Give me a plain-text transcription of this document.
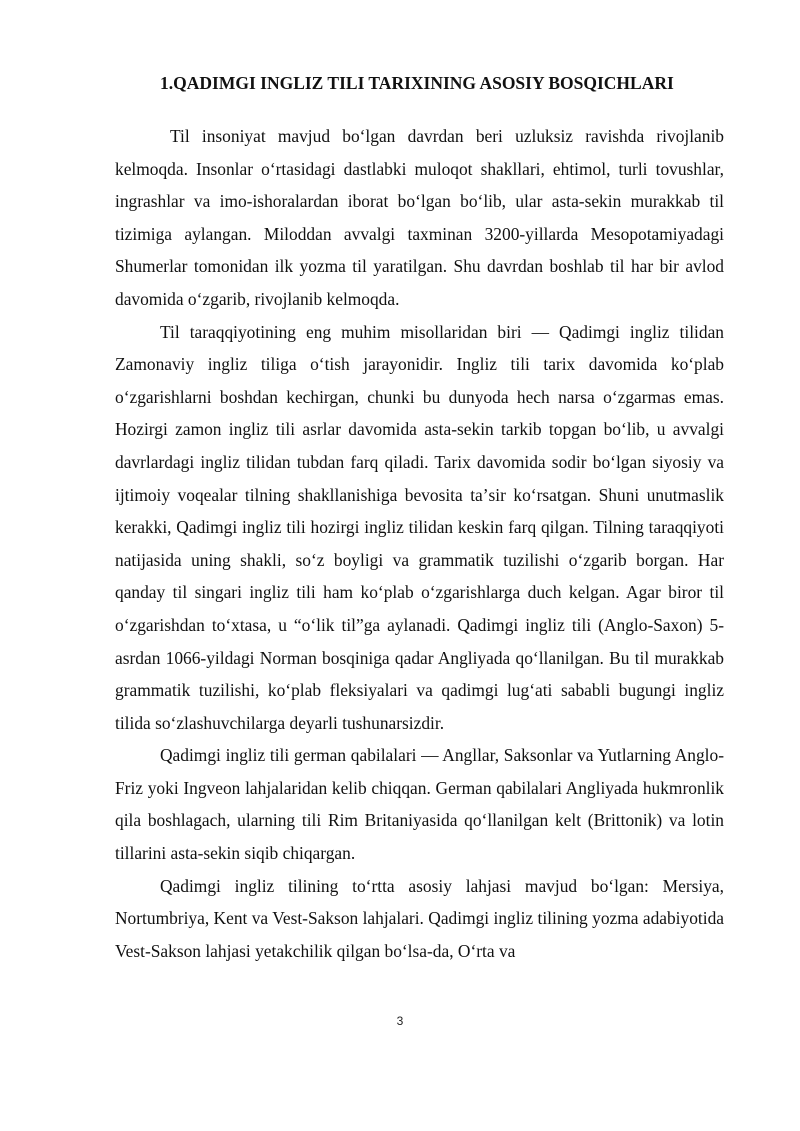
1.QADIMGI INGLIZ TILI TARIXINING ASOSIY BOSQICHLARI

Til insoniyat mavjud boʻlgan davrdan beri uzluksiz ravishda rivojlanib kelmoqda. Insonlar oʻrtasidagi dastlabki muloqot shakllari, ehtimol, turli tovushlar, ingrashlar va imo-ishoralardan iborat boʻlgan boʻlib, ular asta-sekin murakkab til tizimiga aylangan. Miloddan avvalgi taxminan 3200-yillarda Mesopotamiyadagi Shumerlar tomonidan ilk yozma til yaratilgan. Shu davrdan boshlab til har bir avlod davomida oʻzgarib, rivojlanib kelmoqda.

Til taraqqiyotining eng muhim misollaridan biri — Qadimgi ingliz tilidan Zamonaviy ingliz tiliga oʻtish jarayonidir. Ingliz tili tarix davomida koʻplab oʻzgarishlarni boshdan kechirgan, chunki bu dunyoda hech narsa oʻzgarmas emas. Hozirgi zamon ingliz tili asrlar davomida asta-sekin tarkib topgan boʻlib, u avvalgi davrlardagi ingliz tilidan tubdan farq qiladi. Tarix davomida sodir boʻlgan siyosiy va ijtimoiy voqealar tilning shakllanishiga bevosita taʼsir koʻrsatgan. Shuni unutmaslik kerakki, Qadimgi ingliz tili hozirgi ingliz tilidan keskin farq qilgan. Tilning taraqqiyoti natijasida uning shakli, soʻz boyligi va grammatik tuzilishi oʻzgarib borgan. Har qanday til singari ingliz tili ham koʻplab oʻzgarishlarga duch kelgan. Agar biror til oʻzgarishdan toʻxtasa, u “oʻlik til”ga aylanadi. Qadimgi ingliz tili (Anglo-Saxon) 5-asrdan 1066-yildagi Norman bosqiniga qadar Angliyada qoʻllanilgan. Bu til murakkab grammatik tuzilishi, koʻplab fleksiyalari va qadimgi lugʻati sababli bugungi ingliz tilida soʻzlashuvchilarga deyarli tushunarsizdir.

Qadimgi ingliz tili german qabilalari — Angllar, Saksonlar va Yutlarning Anglo-Friz yoki Ingveon lahjalaridan kelib chiqqan. German qabilalari Angliyada hukmronlik qila boshlagach, ularning tili Rim Britaniyasida qoʻllanilgan kelt (Brittonik) va lotin tillarini asta-sekin siqib chiqargan.

Qadimgi ingliz tilining toʻrtta asosiy lahjasi mavjud boʻlgan: Mersiya, Nortumbriya, Kent va Vest-Sakson lahjalari. Qadimgi ingliz tilining yozma adabiyotida Vest-Sakson lahjasi yetakchilik qilgan boʻlsa-da, Oʻrta va

3
